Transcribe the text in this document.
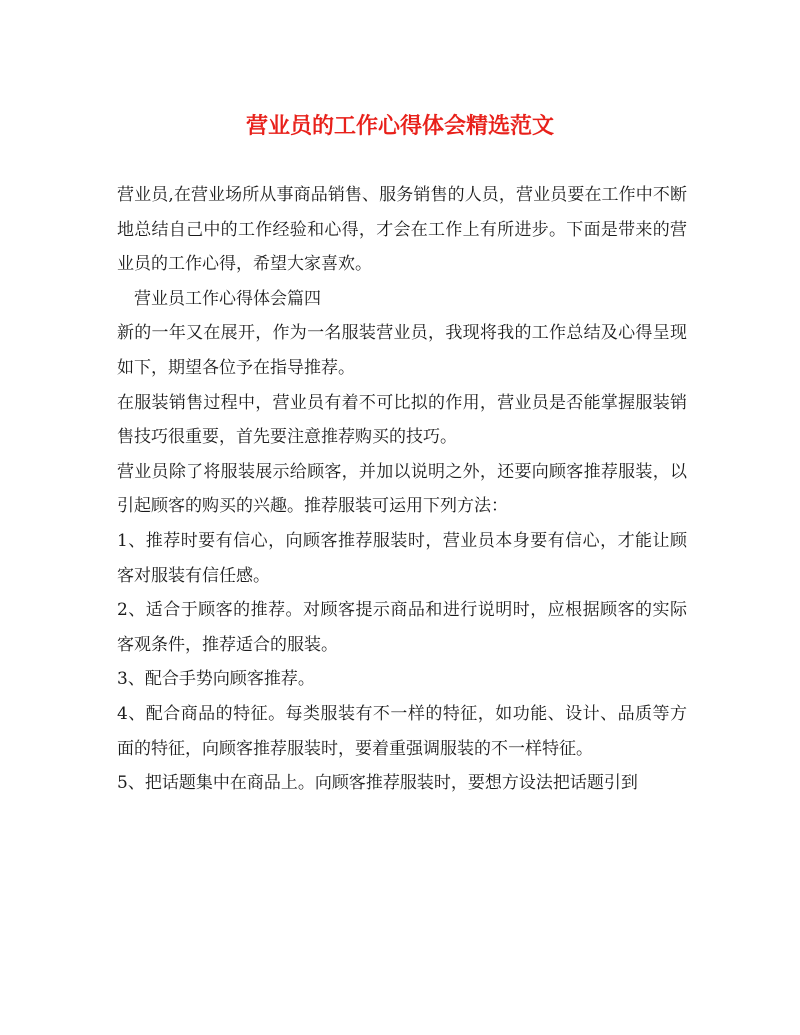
营业员的工作心得体会精选范文

营业员,在营业场所从事商品销售、服务销售的人员，营业员要在工作中不断地总结自己中的工作经验和心得，才会在工作上有所进步。下面是带来的营业员的工作心得，希望大家喜欢。

营业员工作心得体会篇四

新的一年又在展开，作为一名服装营业员，我现将我的工作总结及心得呈现如下，期望各位予在指导推荐。

在服装销售过程中，营业员有着不可比拟的作用，营业员是否能掌握服装销售技巧很重要，首先要注意推荐购买的技巧。

营业员除了将服装展示给顾客，并加以说明之外，还要向顾客推荐服装，以引起顾客的购买的兴趣。推荐服装可运用下列方法：

1、推荐时要有信心，向顾客推荐服装时，营业员本身要有信心，才能让顾客对服装有信任感。

2、适合于顾客的推荐。对顾客提示商品和进行说明时，应根据顾客的实际客观条件，推荐适合的服装。

3、配合手势向顾客推荐。

4、配合商品的特征。每类服装有不一样的特征，如功能、设计、品质等方面的特征，向顾客推荐服装时，要着重强调服装的不一样特征。

5、把话题集中在商品上。向顾客推荐服装时，要想方设法把话题引到
